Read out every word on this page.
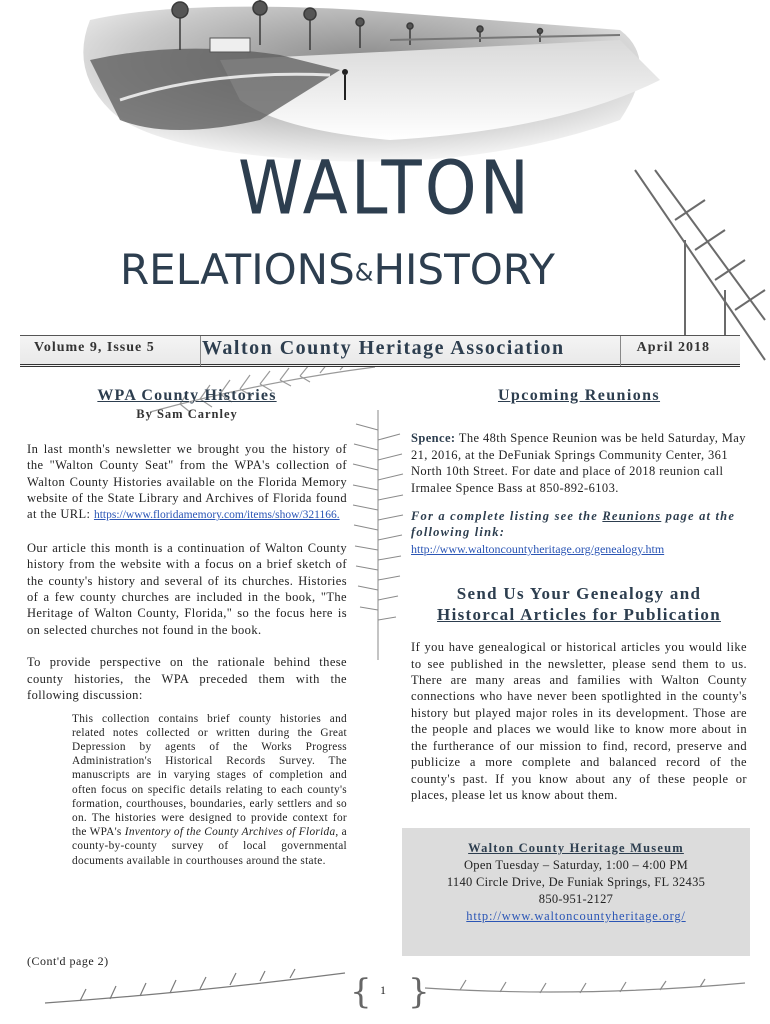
WALTON
RELATIONS&HISTORY
Volume 9, Issue 5 Walton County Heritage Association	April 2018
WPA County Histories
By Sam Carnley

In last month's newsletter we brought you the history of the "Walton County Seat" from the WPA's collection of Walton County Histories available on the Florida Memory website of the State Library and Archives of Florida found at the URL: https://www.floridamemory.com/items/show/321166.

Our article this month is a continuation of Walton County history from the website with a focus on a brief sketch of the county's history and several of its churches. Histories of a few county churches are included in the book, "The Heritage of Walton County, Florida," so the focus here is on selected churches not found in the book.

To provide perspective on the rationale behind these county histories, the WPA preceded them with the following discussion:

This collection contains brief county histories and related notes collected or written during the Great Depression by agents of the Works Progress Administration's Historical Records Survey. The manuscripts are in varying stages of completion and often focus on specific details relating to each county's formation, courthouses, boundaries, early settlers and so on. The histories were designed to provide context for the WPA's Inventory of the County Archives of Florida, a county-by-county survey of local governmental documents available in courthouses around the state.

(Cont'd page 2)
Upcoming Reunions

Spence: The 48th Spence Reunion was be held Saturday, May 21, 2016, at the DeFuniak Springs Community Center, 361 North 10th Street. For date and place of 2018 reunion call Irmalee Spence Bass at 850-892-6103.

For a complete listing see the Reunions page at the following link:
http://www.waltoncountyheritage.org/genealogy.htm

Send Us Your Genealogy and
Historcal Articles for Publication

If you have genealogical or historical articles you would like to see published in the newsletter, please send them to us. There are many areas and families with Walton County connections who have never been spotlighted in the county's history but played major roles in its development. Those are the people and places we would like to know more about in the furtherance of our mission to find, record, preserve and publicize a more complete and balanced record of the county's past. If you know about any of these people or places, please let us know about them.

Walton County Heritage Museum
Open Tuesday – Saturday, 1:00 – 4:00 PM
1140 Circle Drive, De Funiak Springs, FL 32435
850-951-2127
http://www.waltoncountyheritage.org/
{ 1 }
